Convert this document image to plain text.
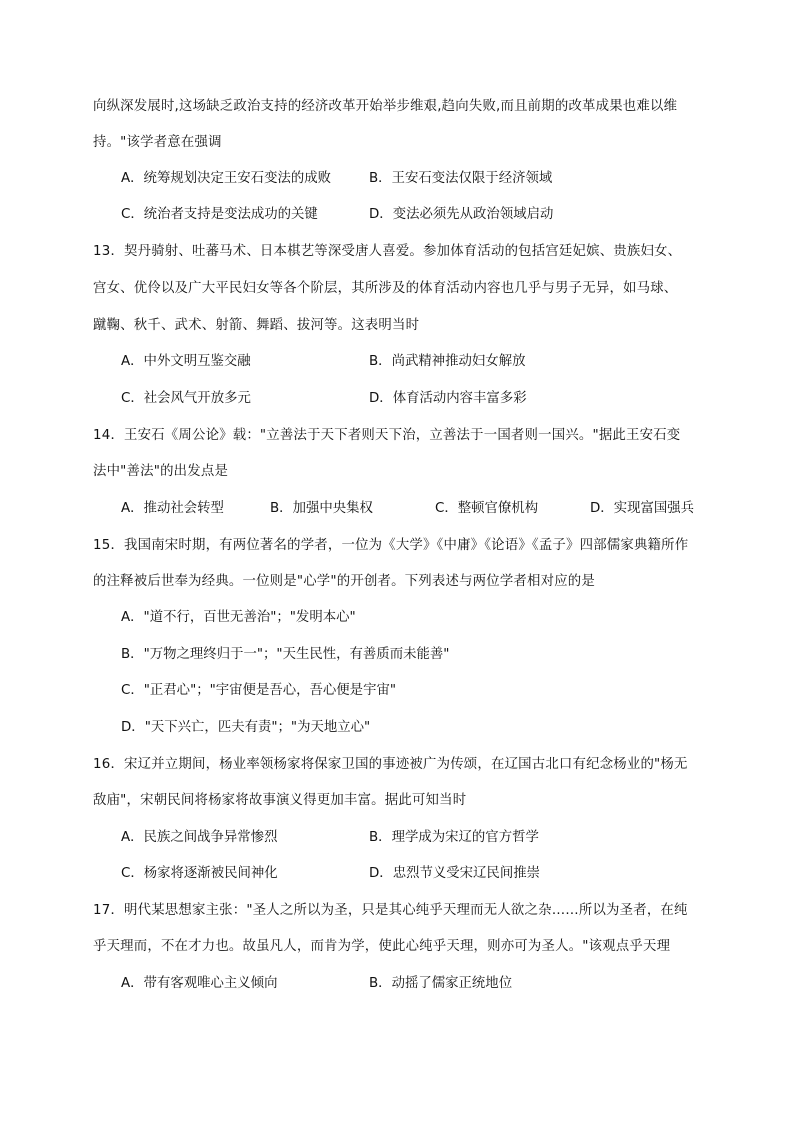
向纵深发展时,这场缺乏政治支持的经济改革开始举步维艰,趋向失败,而且前期的改革成果也难以维
持。"该学者意在强调
A．统筹规划决定王安石变法的成败	B．王安石变法仅限于经济领域
C．统治者支持是变法成功的关键	D．变法必须先从政治领域启动
13．契丹骑射、吐蕃马术、日本棋艺等深受唐人喜爱。参加体育活动的包括宫廷妃嫔、贵族妇女、
宫女、优伶以及广大平民妇女等各个阶层，其所涉及的体育活动内容也几乎与男子无异，如马球、
蹴鞠、秋千、武术、射箭、舞蹈、拔河等。这表明当时
A．中外文明互鉴交融	B．尚武精神推动妇女解放
C．社会风气开放多元	D．体育活动内容丰富多彩
14．王安石《周公论》载："立善法于天下者则天下治，立善法于一国者则一国兴。"据此王安石变
法中"善法"的出发点是
A．推动社会转型	B．加强中央集权	C．整顿官僚机构	D．实现富国强兵
15．我国南宋时期，有两位著名的学者，一位为《大学》《中庸》《论语》《孟子》四部儒家典籍所作
的注释被后世奉为经典。一位则是"心学"的开创者。下列表述与两位学者相对应的是
A．"道不行，百世无善治"；"发明本心"
B．"万物之理终归于一"；"天生民性，有善质而未能善"
C．"正君心"；"宇宙便是吾心，吾心便是宇宙"
D．"天下兴亡，匹夫有责"；"为天地立心"
16．宋辽并立期间，杨业率领杨家将保家卫国的事迹被广为传颂，在辽国古北口有纪念杨业的"杨无
敌庙"，宋朝民间将杨家将故事演义得更加丰富。据此可知当时
A．民族之间战争异常惨烈	B．理学成为宋辽的官方哲学
C．杨家将逐渐被民间神化	D．忠烈节义受宋辽民间推崇
17．明代某思想家主张："圣人之所以为圣，只是其心纯乎天理而无人欲之杂……所以为圣者，在纯
乎天理而，不在才力也。故虽凡人，而肯为学，使此心纯乎天理，则亦可为圣人。"该观点乎天理
A．带有客观唯心主义倾向	B．动摇了儒家正统地位
